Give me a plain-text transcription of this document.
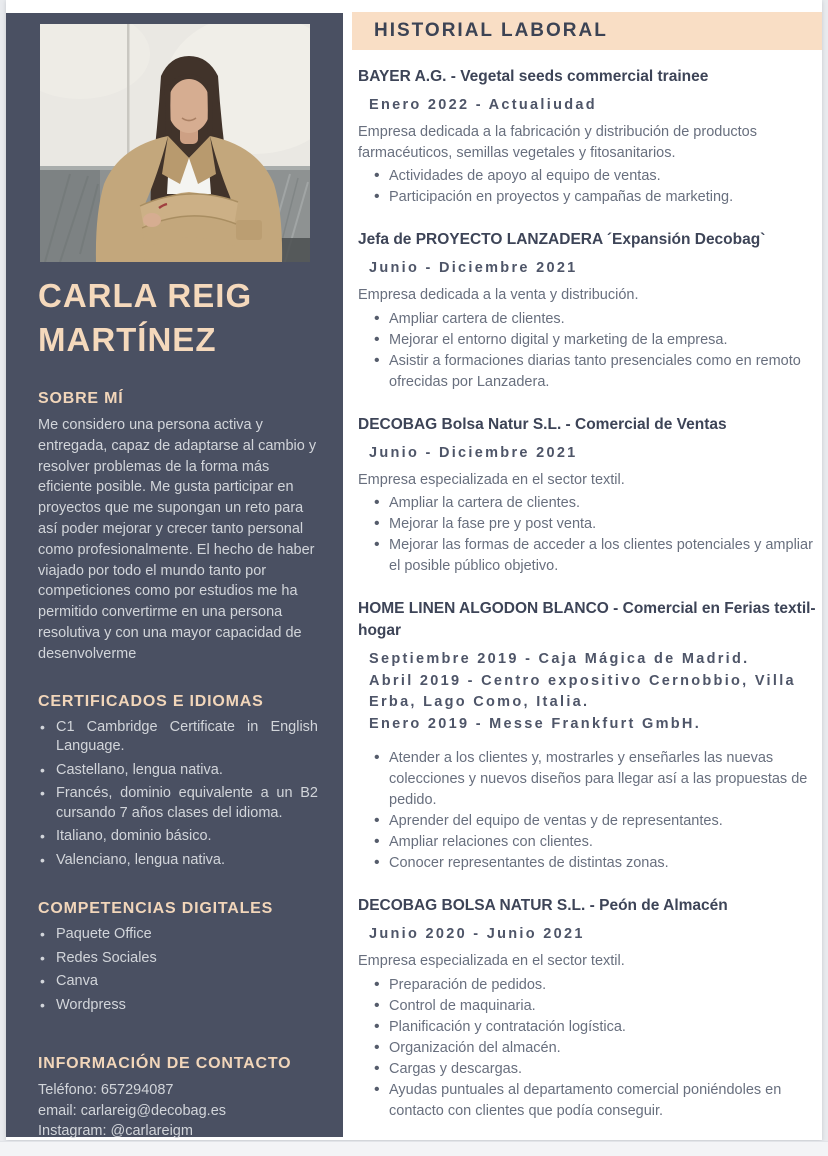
CARLA REIG
MARTÍNEZ
SOBRE MÍ

Me considero una persona activa y entregada, capaz de adaptarse al cambio y resolver problemas de la forma más eficiente posible. Me gusta participar en proyectos que me supongan un reto para así poder mejorar y crecer tanto personal como profesionalmente. El hecho de haber viajado por todo el mundo tanto por competiciones como por estudios me ha permitido convertirme en una persona resolutiva y con una mayor capacidad de desenvolverme

CERTIFICADOS E IDIOMAS
• C1 Cambridge Certificate in English Language.
• Castellano, lengua nativa.
• Francés, dominio equivalente a un B2 cursando 7 años clases del idioma.
• Italiano, dominio básico.
• Valenciano, lengua nativa.
COMPETENCIAS DIGITALES
• Paquete Office
• Redes Sociales
• Canva
• Wordpress
INFORMACIÓN DE CONTACTO
Teléfono: 657294087
email: carlareig@decobag.es
Instagram: @carlareigm
HISTORIAL LABORAL
BAYER A.G. - Vegetal seeds commercial trainee
Enero 2022 - Actualiudad

Empresa dedicada a la fabricación y distribución de productos farmacéuticos, semillas vegetales y fitosanitarios.

• Actividades de apoyo al equipo de ventas.
• Participación en proyectos y campañas de marketing.
Jefa de PROYECTO LANZADERA ´Expansión Decobag`
Junio - Diciembre 2021

Empresa dedicada a la venta y distribución.

• Ampliar cartera de clientes.
• Mejorar el entorno digital y marketing de la empresa.
• Asistir a formaciones diarias tanto presenciales como en remoto ofrecidas por Lanzadera.
DECOBAG Bolsa Natur S.L. - Comercial de Ventas
Junio - Diciembre 2021

Empresa especializada en el sector textil.

• Ampliar la cartera de clientes.
• Mejorar la fase pre y post venta.
• Mejorar las formas de acceder a los clientes potenciales y ampliar el posible público objetivo.
HOME LINEN ALGODON BLANCO - Comercial en Ferias textil-hogar
Septiembre 2019 - Caja Mágica de Madrid.
Abril 2019 - Centro expositivo Cernobbio, Villa Erba, Lago Como, Italia.
Enero 2019 - Messe Frankfurt GmbH.
• Atender a los clientes y, mostrarles y enseñarles las nuevas colecciones y nuevos diseños para llegar así a las propuestas de pedido.
• Aprender del equipo de ventas y de representantes.
• Ampliar relaciones con clientes.
• Conocer representantes de distintas zonas.
DECOBAG BOLSA NATUR S.L. - Peón de Almacén
Junio 2020 - Junio 2021

Empresa especializada en el sector textil.

• Preparación de pedidos.
• Control de maquinaria.
• Planificación y contratación logística.
• Organización del almacén.
• Cargas y descargas.
• Ayudas puntuales al departamento comercial poniéndoles en contacto con clientes que podía conseguir.
